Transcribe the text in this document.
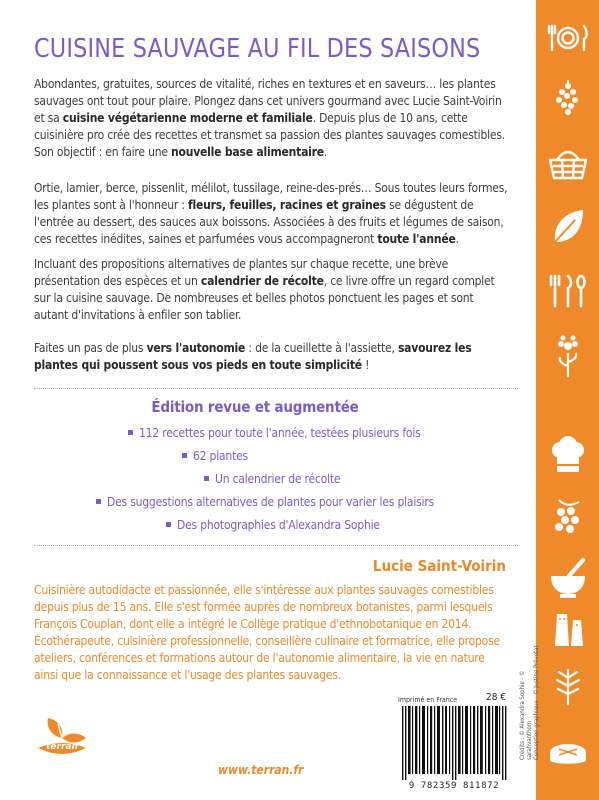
CUISINE SAUVAGE AU FIL DES SAISONS
Abondantes, gratuites, sources de vitalité, riches en textures et en saveurs… les plantes sauvages ont tout pour plaire. Plongez dans cet univers gourmand avec Lucie Saint-Voirin et sa cuisine végétarienne moderne et familiale. Depuis plus de 10 ans, cette cuisinière pro crée des recettes et transmet sa passion des plantes sauvages comestibles. Son objectif : en faire une nouvelle base alimentaire.
Ortie, lamier, berce, pissenlit, mélilot, tussilage, reine-des-prés… Sous toutes leurs formes, les plantes sont à l'honneur : fleurs, feuilles, racines et graines se dégustent de l'entrée au dessert, des sauces aux boissons. Associées à des fruits et légumes de saison, ces recettes inédites, saines et parfumées vous accompagneront toute l'année.
Incluant des propositions alternatives de plantes sur chaque recette, une brève présentation des espèces et un calendrier de récolte, ce livre offre un regard complet sur la cuisine sauvage. De nombreuses et belles photos ponctuent les pages et sont autant d'invitations à enfiler son tablier.
Faites un pas de plus vers l'autonomie : de la cueillette à l'assiette, savourez les plantes qui poussent sous vos pieds en toute simplicité !
Édition revue et augmentée
112 recettes pour toute l'année, testées plusieurs fois
62 plantes
Un calendrier de récolte
Des suggestions alternatives de plantes pour varier les plaisirs
Des photographies d'Alexandra Sophie
Lucie Saint-Voirin
Cuisinière autodidacte et passionnée, elle s'intéresse aux plantes sauvages comestibles depuis plus de 15 ans. Elle s'est formée auprès de nombreux botanistes, parmi lesquels François Couplan, dont elle a intégré le Collège pratique d'ethnobotanique en 2014. Écothérapeute, cuisinière professionnelle, conseillère culinaire et formatrice, elle propose ateliers, conférences et formations autour de l'autonomie alimentaire, la vie en nature ainsi que la connaissance et l'usage des plantes sauvages.	Crédits : © Alexandra Sophie - © sarahvanthom Conception graphique : © Justine Prévotat
terran
www.terran.fr
Imprimé en France	28 €
9 782359 811872
